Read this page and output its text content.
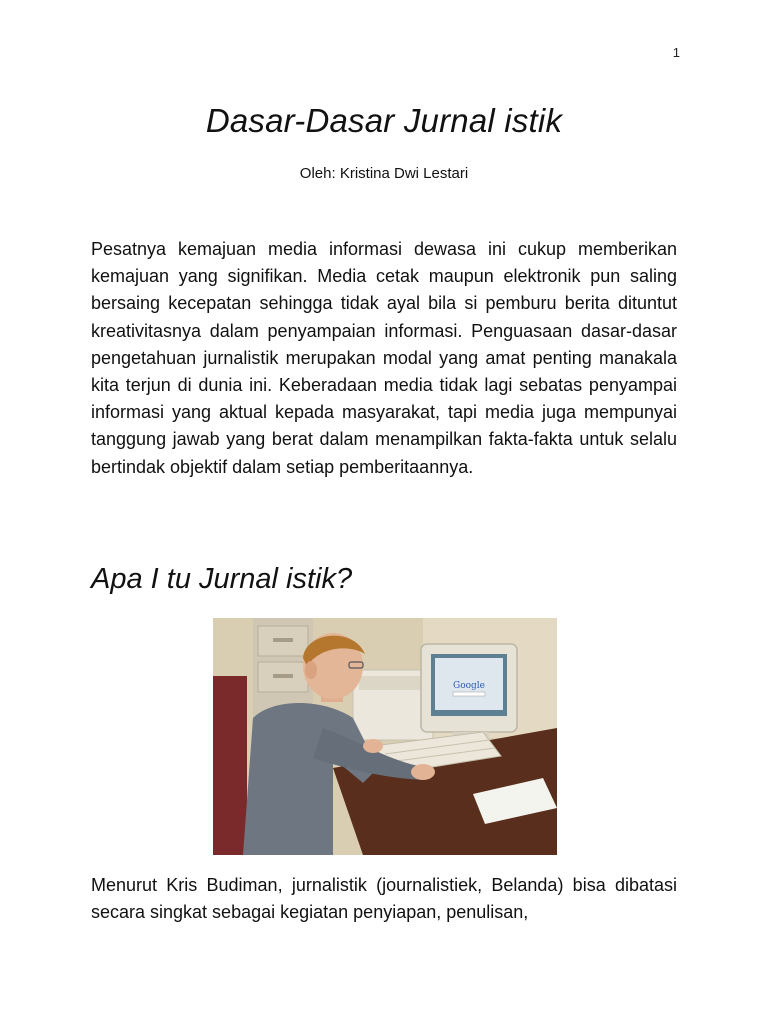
1
Dasar-Dasar Jurnal istik

Oleh: Kristina Dwi Lestari

Pesatnya kemajuan media informasi dewasa ini cukup memberikan kemajuan yang signifikan. Media cetak maupun elektronik pun saling bersaing kecepatan sehingga tidak ayal bila si pemburu berita dituntut kreativitasnya dalam penyampaian informasi. Penguasaan dasar-dasar pengetahuan jurnalistik merupakan modal yang amat penting manakala kita terjun di dunia ini. Keberadaan media tidak lagi sebatas penyampai informasi yang aktual kepada masyarakat, tapi media juga mempunyai tanggung jawab yang berat dalam menampilkan fakta-fakta untuk selalu bertindak objektif dalam setiap pemberitaannya.

Apa I tu Jurnal istik?
Google

Menurut Kris Budiman, jurnalistik (journalistiek, Belanda) bisa dibatasi secara singkat sebagai kegiatan penyiapan, penulisan,
